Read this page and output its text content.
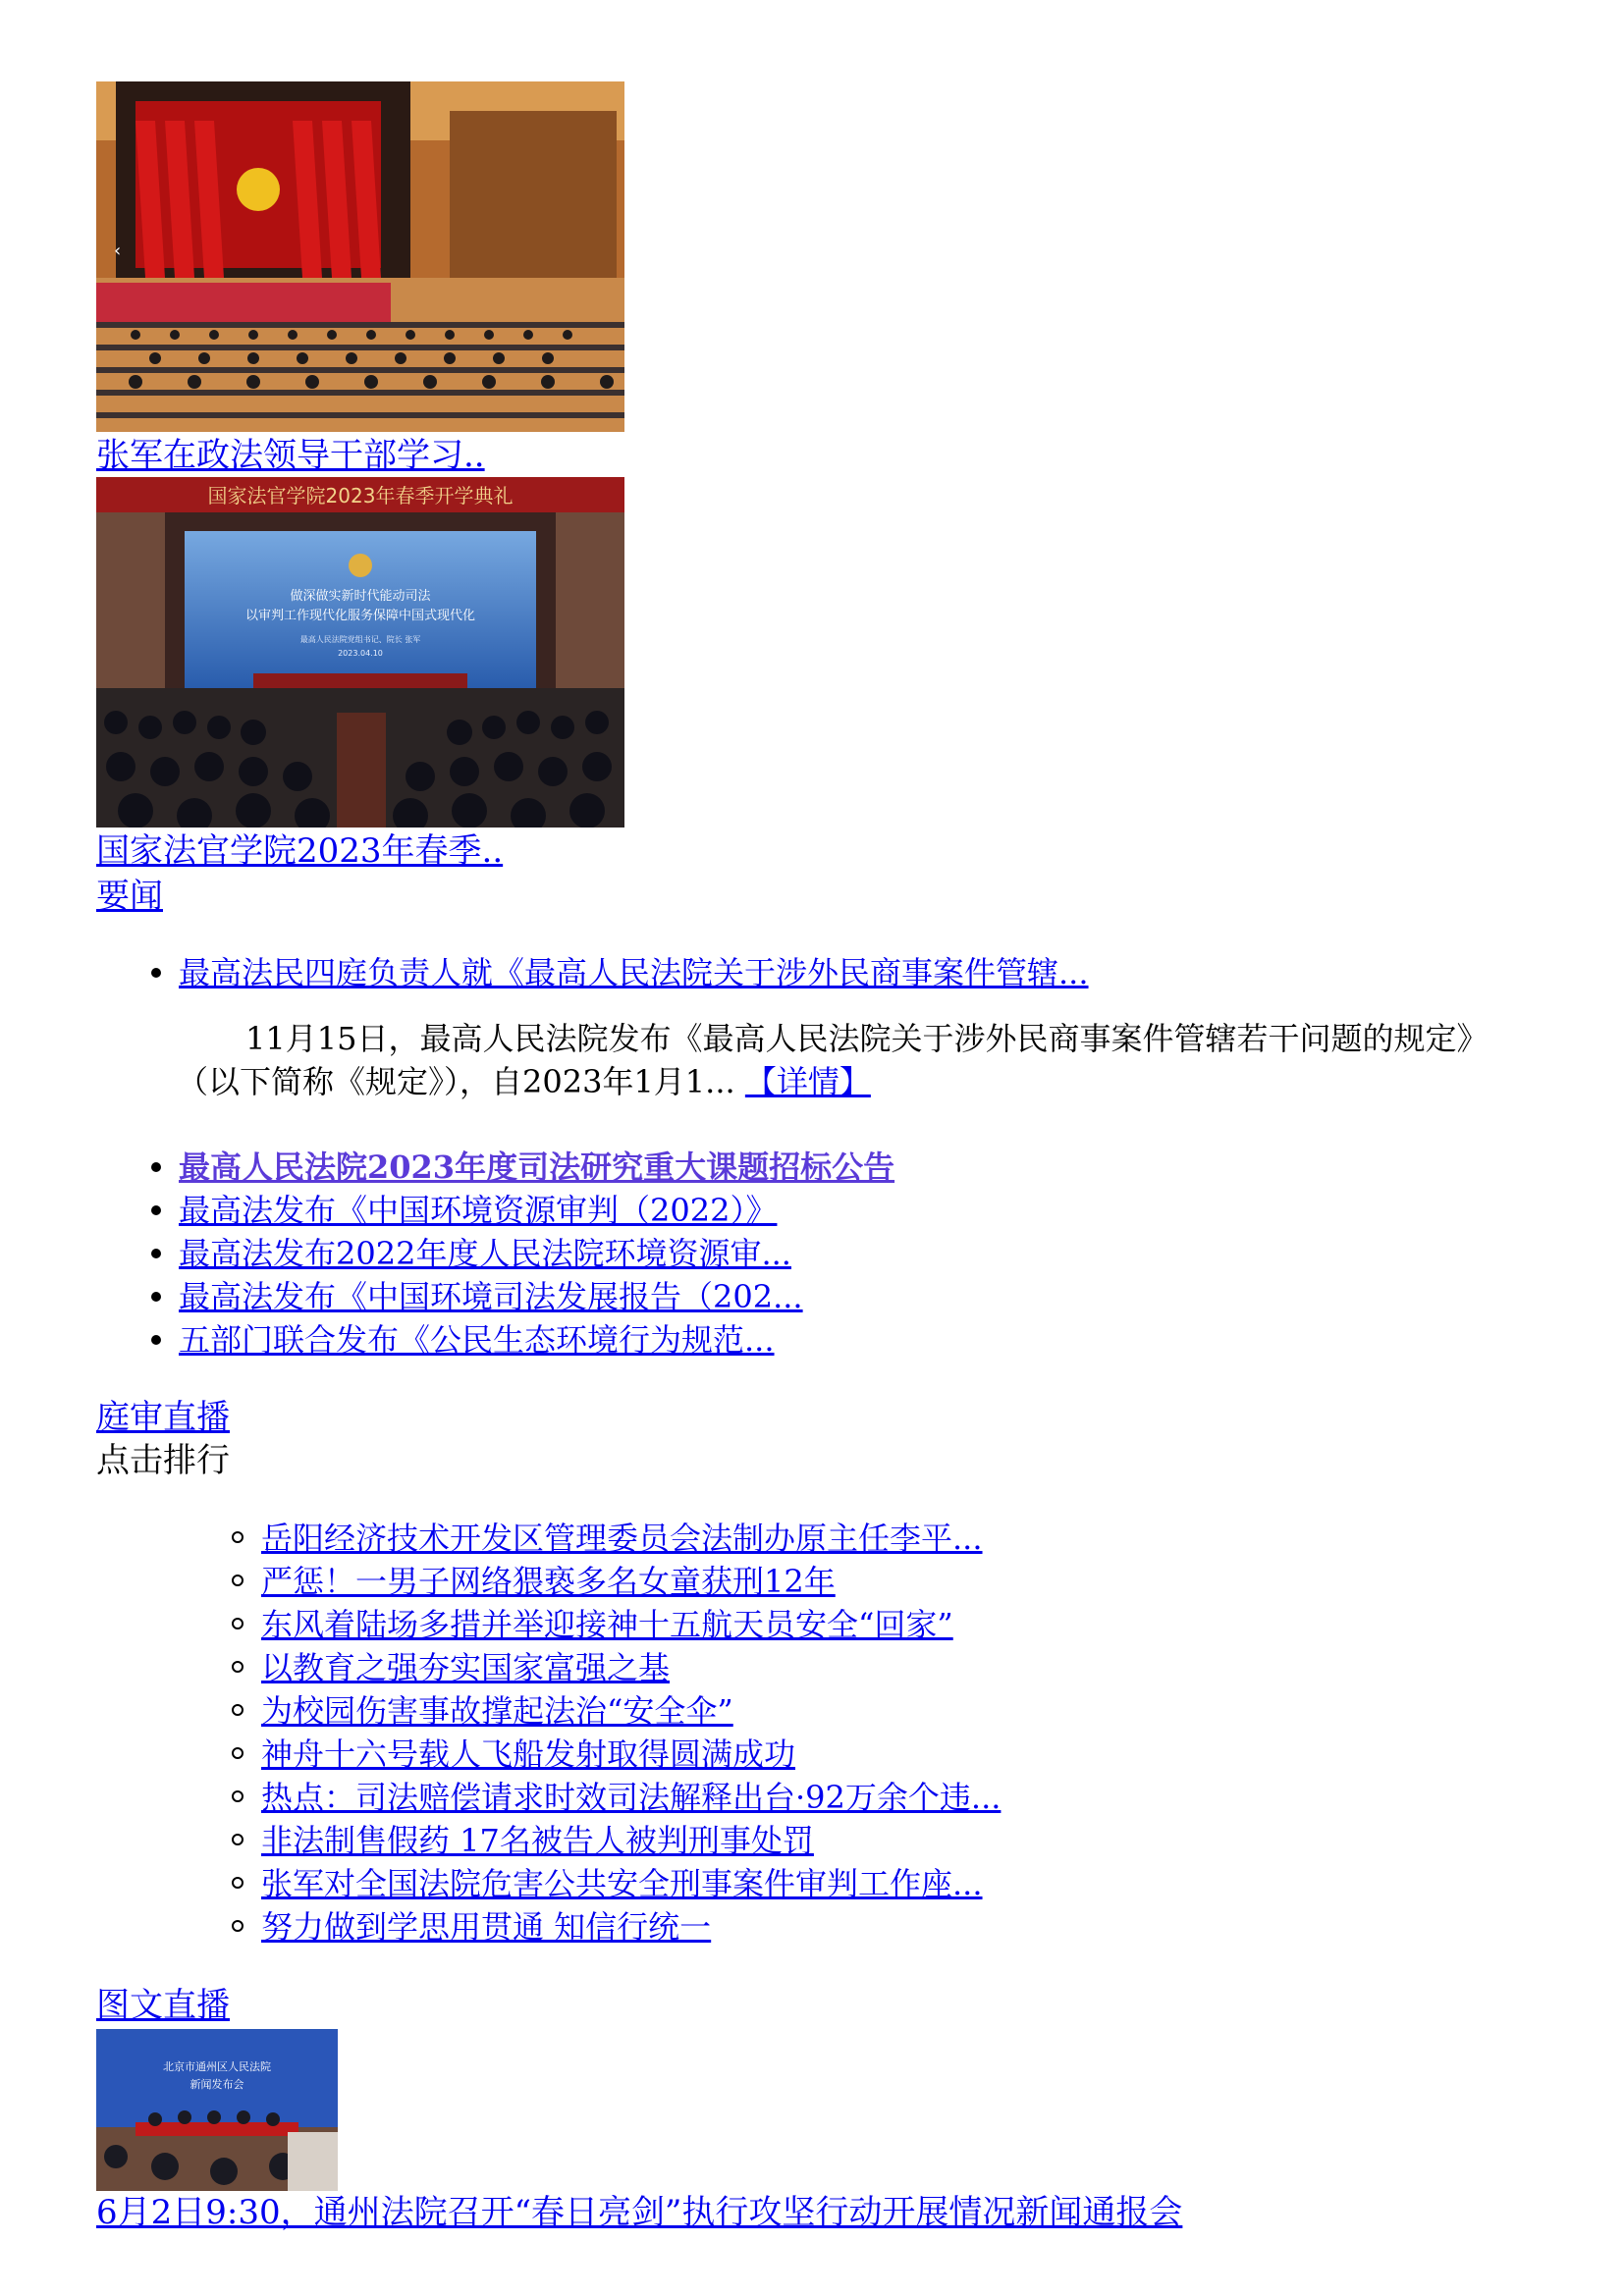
‹
张军在政法领导干部学习..
国家法官学院2023年春季开学典礼
做深做实新时代能动司法
以审判工作现代化服务保障中国式现代化
最高人民法院党组书记、院长 张军
2023.04.10
国家法官学院2023年春季..
要闻
最高法民四庭负责人就《最高人民法院关于涉外民商事案件管辖...
11月15日，最高人民法院发布《最高人民法院关于涉外民商事案件管辖若干问题的规定》（以下简称《规定》），自2023年1月1... 【详情】
最高人民法院2023年度司法研究重大课题招标公告
最高法发布《中国环境资源审判（2022）》
最高法发布2022年度人民法院环境资源审...
最高法发布《中国环境司法发展报告（202...
五部门联合发布《公民生态环境行为规范...
庭审直播
点击排行
岳阳经济技术开发区管理委员会法制办原主任李平...
严惩！一男子网络猥亵多名女童获刑12年
东风着陆场多措并举迎接神十五航天员安全“回家”
以教育之强夯实国家富强之基
为校园伤害事故撑起法治“安全伞”
神舟十六号载人飞船发射取得圆满成功
热点：司法赔偿请求时效司法解释出台·92万余个违...
非法制售假药 17名被告人被判刑事处罚
张军对全国法院危害公共安全刑事案件审判工作座...
努力做到学思用贯通 知信行统一
图文直播
北京市通州区人民法院
新闻发布会
6月2日9:30，通州法院召开“春日亮剑”执行攻坚行动开展情况新闻通报会
